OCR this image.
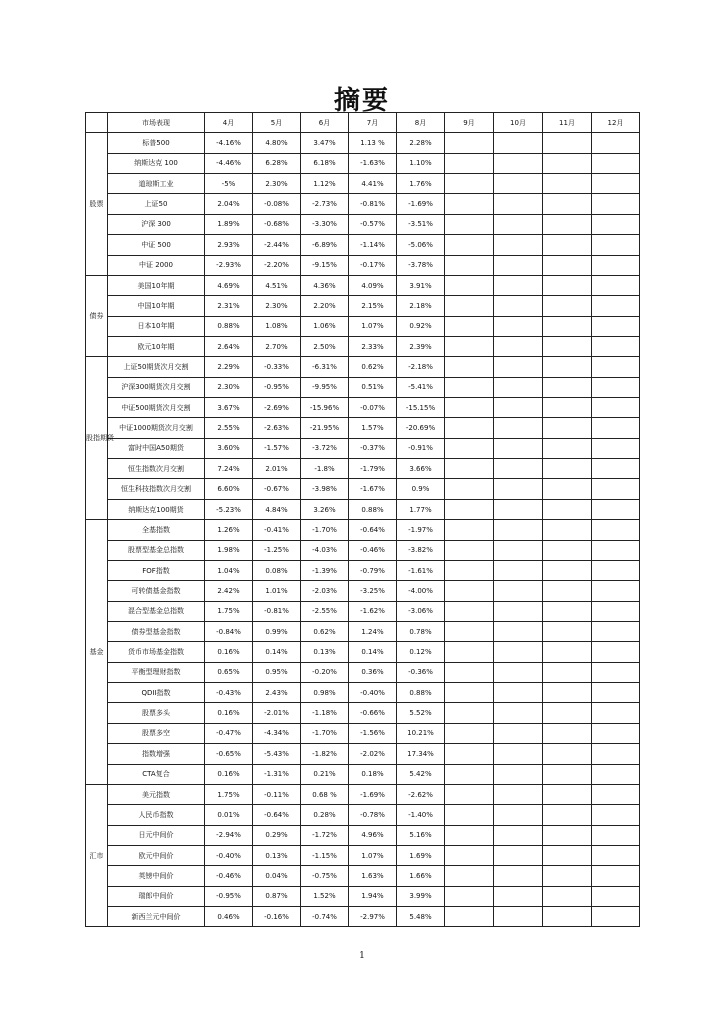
摘要
	市场表现	4月	5月	6月	7月	8月	9月	10月	11月	12月

股票	标普500	-4.16%	4.80%	3.47%	1.13 %	2.28%				
	纳斯达克 100	-4.46%	6.28%	6.18%	-1.63%	1.10%				
	道琼斯工业	-5%	2.30%	1.12%	4.41%	1.76%				
	上证50	2.04%	-0.08%	-2.73%	-0.81%	-1.69%				
	沪深 300	1.89%	-0.68%	-3.30%	-0.57%	-3.51%				
	中证 500	2.93%	-2.44%	-6.89%	-1.14%	-5.06%				
	中证 2000	-2.93%	-2.20%	-9.15%	-0.17%	-3.78%				

债券	美国10年期	4.69%	4.51%	4.36%	4.09%	3.91%				
	中国10年期	2.31%	2.30%	2.20%	2.15%	2.18%				
	日本10年期	0.88%	1.08%	1.06%	1.07%	0.92%				
	欧元10年期	2.64%	2.70%	2.50%	2.33%	2.39%				

股指期货	上证50期货次月交割	2.29%	-0.33%	-6.31%	0.62%	-2.18%				
	沪深300期货次月交割	2.30%	-0.95%	-9.95%	0.51%	-5.41%				
	中证500期货次月交割	3.67%	-2.69%	-15.96%	-0.07%	-15.15%				
	中证1000期货次月交割	2.55%	-2.63%	-21.95%	1.57%	-20.69%				
	富时中国A50期货	3.60%	-1.57%	-3.72%	-0.37%	-0.91%				
	恒生指数次月交割	7.24%	2.01%	-1.8%	-1.79%	3.66%				
	恒生科技指数次月交割	6.60%	-0.67%	-3.98%	-1.67%	0.9%				
	纳斯达克100期货	-5.23%	4.84%	3.26%	0.88%	1.77%				

基金	全基指数	1.26%	-0.41%	-1.70%	-0.64%	-1.97%				
	股票型基金总指数	1.98%	-1.25%	-4.03%	-0.46%	-3.82%				
	FOF指数	1.04%	0.08%	-1.39%	-0.79%	-1.61%				
	可转债基金指数	2.42%	1.01%	-2.03%	-3.25%	-4.00%				
	混合型基金总指数	1.75%	-0.81%	-2.55%	-1.62%	-3.06%				
	债券型基金指数	-0.84%	0.99%	0.62%	1.24%	0.78%				
	货币市场基金指数	0.16%	0.14%	0.13%	0.14%	0.12%				
	平衡型理财指数	0.65%	0.95%	-0.20%	0.36%	-0.36%				
	QDII指数	-0.43%	2.43%	0.98%	-0.40%	0.88%				
	股票多头	0.16%	-2.01%	-1.18%	-0.66%	5.52%				
	股票多空	-0.47%	-4.34%	-1.70%	-1.56%	10.21%				
	指数增强	-0.65%	-5.43%	-1.82%	-2.02%	17.34%				
	CTA复合	0.16%	-1.31%	0.21%	0.18%	5.42%				

汇市	美元指数	1.75%	-0.11%	0.68 %	-1.69%	-2.62%				
	人民币指数	0.01%	-0.64%	0.28%	-0.78%	-1.40%				
	日元中间价	-2.94%	0.29%	-1.72%	4.96%	5.16%				
	欧元中间价	-0.40%	0.13%	-1.15%	1.07%	1.69%				
	英镑中间价	-0.46%	0.04%	-0.75%	1.63%	1.66%				
	瑞郎中间价	-0.95%	0.87%	1.52%	1.94%	3.99%				
	新西兰元中间价	0.46%	-0.16%	-0.74%	-2.97%	5.48%				
1
